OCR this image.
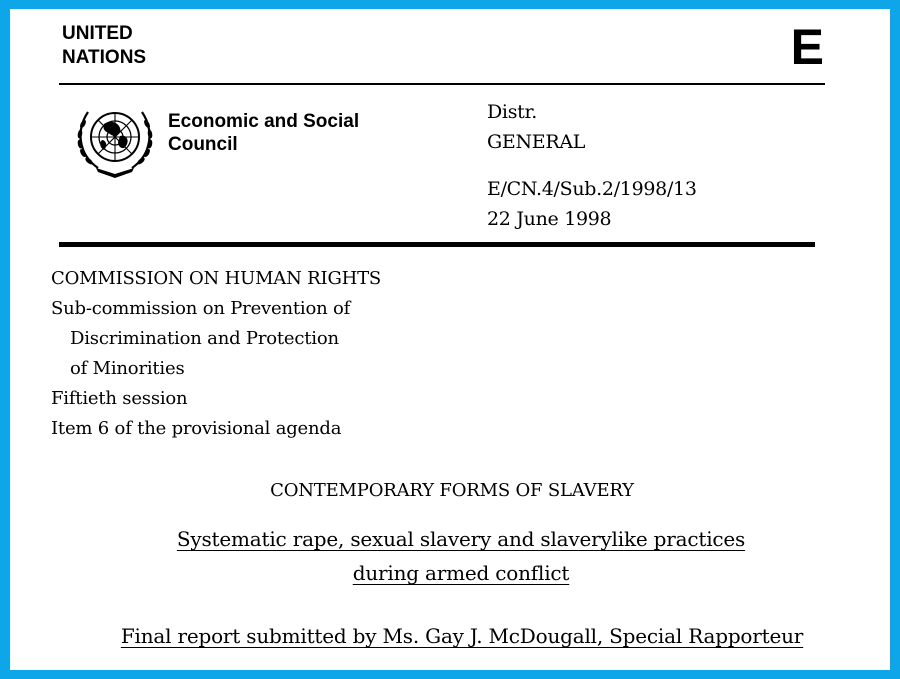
UNITED
NATIONS	E
Economic and Social
Council
Distr.
GENERAL
E/CN.4/Sub.2/1998/13
22 June 1998
COMMISSION ON HUMAN RIGHTS
Sub-commission on Prevention of
Discrimination and Protection
of Minorities
Fiftieth session
Item 6 of the provisional agenda
CONTEMPORARY FORMS OF SLAVERY
Systematic rape, sexual slavery and slaverylike practices
during armed conflict
Final report submitted by Ms. Gay J. McDougall, Special Rapporteur
